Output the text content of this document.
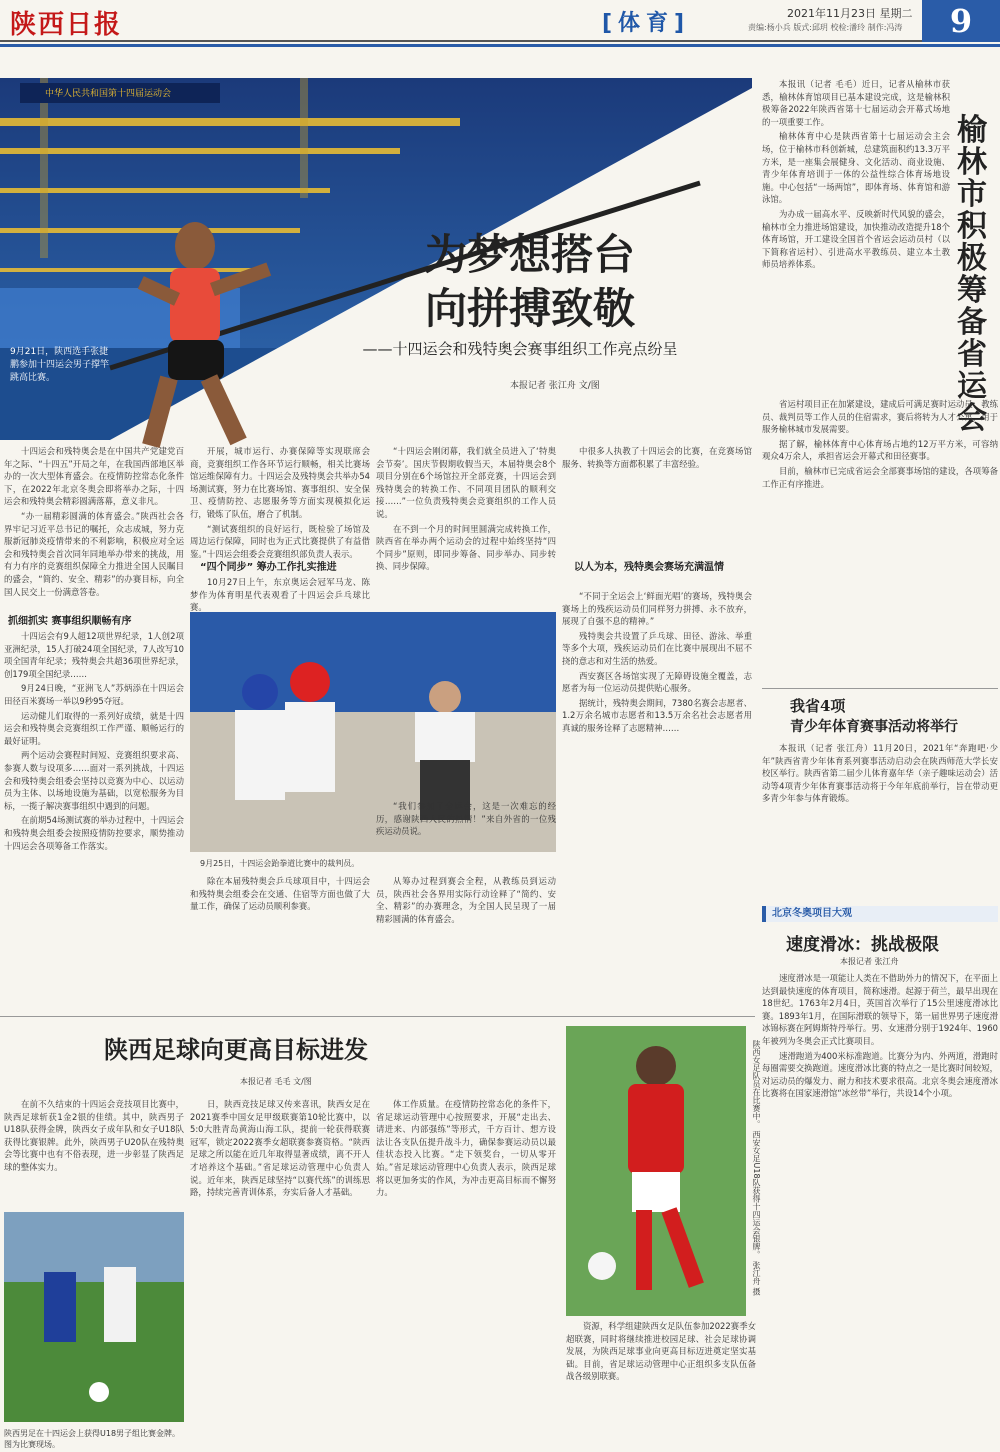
陕西日报	[体育]	2021年11月23日 星期二
责编:杨小兵 版式:邱玥 校检:潘玲 制作:冯涛	9
中华人民共和国第十四届运动会
为梦想搭台
向拼搏致敬
——十四运会和残特奥会赛事组织工作亮点纷呈
本报记者 张江舟 文/图
9月21日，陕西选手张捷鹏参加十四运会男子撑竿跳高比赛。
榆林市积极筹备省运会

本报讯（记者 毛毛）近日，记者从榆林市获悉，榆林体育馆项目已基本建设完成，这是榆林积极筹备2022年陕西省第十七届运动会开幕式场地的一项重要工作。

榆林体育中心是陕西省第十七届运动会主会场，位于榆林市科创新城，总建筑面积约13.3万平方米，是一座集会展健身、文化活动、商业设施、青少年体育培训于一体的公益性综合体育场地设施。中心包括“一场两馆”，即体育场、体育馆和游泳馆。

为办成一届高水平、反映新时代风貌的盛会，榆林市全力推进场馆建设，加快推动改造提升18个体育场馆，开工建设全国首个省运会运动员村（以下简称省运村）、引进高水平教练员、建立本土教师员培养体系。

省运村项目正在加紧建设，建成后可满足赛时运动员、教练员、裁判员等工作人员的住宿需求，赛后将转为人才公寓，用于服务榆林城市发展需要。

据了解，榆林体育中心体育场占地约12万平方米，可容纳观众4万余人，承担省运会开幕式和田径赛事。

目前，榆林市已完成省运会全部赛事场馆的建设，各项筹备工作正有序推进。

我省4项
青少年体育赛事活动将举行

本报讯（记者 张江舟）11月20日，2021年“奔跑吧·少年”陕西省青少年体育系列赛事活动启动会在陕西师范大学长安校区举行。陕西省第二届少儿体育嘉年华（亲子趣味运动会）活动等4项青少年体育赛事活动将于今年年底前举行，旨在带动更多青少年参与体育锻炼。

北京冬奥项目大观
速度滑冰：挑战极限
本报记者 张江舟

速度滑冰是一项能让人类在不借助外力的情况下，在平面上达到最快速度的体育项目，简称速滑。起源于荷兰，最早出现在18世纪。1763年2月4日，英国首次举行了15公里速度滑冰比赛。1893年1月，在国际滑联的领导下，第一届世界男子速度滑冰锦标赛在阿姆斯特丹举行。男、女速滑分别于1924年、1960年被列为冬奥会正式比赛项目。

速滑跑道为400米标准跑道。比赛分为内、外两道，滑跑时每圈需要交换跑道。速度滑冰比赛的特点之一是比赛时间较短，对运动员的爆发力、耐力和技术要求很高。北京冬奥会速度滑冰比赛将在国家速滑馆“冰丝带”举行，共设14个小项。

十四运会和残特奥会是在中国共产党建党百年之际、“十四五”开局之年，在我国西部地区举办的一次大型体育盛会。在疫情防控常态化条件下，在2022年北京冬奥会即将举办之际，十四运会和残特奥会精彩圆满落幕，意义非凡。

“办一届精彩圆满的体育盛会。”陕西社会各界牢记习近平总书记的嘱托，众志成城，努力克服新冠肺炎疫情带来的不利影响，积极应对全运会和残特奥会首次同年同地举办带来的挑战，用有力有序的竞赛组织保障全力推进全国人民瞩目的盛会，“简约、安全、精彩”的办赛目标，向全国人民交上一份满意答卷。

抓细抓实 赛事组织顺畅有序

十四运会有9人超12项世界纪录，1人创2项亚洲纪录，15人打破24项全国纪录，7人改写10项全国青年纪录；残特奥会共超36项世界纪录，创179项全国纪录……

9月24日晚，“亚洲飞人”苏炳添在十四运会田径百米赛场一举以9秒95夺冠。

运动健儿们取得的一系列好成绩，就是十四运会和残特奥会竞赛组织工作严谨、顺畅运行的最好证明。

两个运动会赛程时间短、竞赛组织要求高、参赛人数与设项多……面对一系列挑战，十四运会和残特奥会组委会坚持以竞赛为中心、以运动员为主体、以场地设施为基础，以宽松服务为目标，一揽子解决赛事组织中遇到的问题。

在前期54场测试赛的举办过程中，十四运会和残特奥会组委会按照疫情防控要求，顺势推动十四运会各项筹备工作落实。

开展，城市运行、办赛保障等实现联席会商，竞赛组织工作各环节运行顺畅，相关比赛场馆运维保障有力。十四运会及残特奥会共举办54场测试赛，努力在比赛场馆、赛事组织、安全保卫、疫情防控、志愿服务等方面实现模拟化运行，锻炼了队伍，磨合了机制。

“测试赛组织的良好运行，既检验了场馆及周边运行保障，同时也为正式比赛提供了有益借鉴。”十四运会组委会竞赛组织部负责人表示。

“四个同步” 筹办工作扎实推进

10月27日上午，东京奥运会冠军马龙、陈梦作为体育明星代表观看了十四运会乒乓球比赛。

“十四运会刚闭幕，我们就全员进入了‘特奥会节奏’。国庆节假期收假当天，本届特奥会8个项目分别在6个场馆拉开全部竞赛，十四运会到残特奥会的转换工作、不同项目团队的顺利交接……”一位负责残特奥会竞赛组织的工作人员说。

在不到一个月的时间里圆满完成转换工作，陕西省在举办两个运动会的过程中始终坚持“四个同步”原则，即同步筹备、同步举办、同步转换、同步保障。

中很多人执教了十四运会的比赛，在竞赛场馆服务、转换等方面都积累了丰富经验。

以人为本，残特奥会赛场充满温情

“不同于全运会上‘鲜面光唱’的赛场，残特奥会赛场上的残疾运动员们同样努力拼搏、永不放弃，展现了自强不息的精神。”

残特奥会共设置了乒乓球、田径、游泳、举重等多个大项，残疾运动员们在比赛中展现出不屈不挠的意志和对生活的热爱。

西安赛区各场馆实现了无障碍设施全覆盖，志愿者为每一位运动员提供贴心服务。

据统计，残特奥会期间，7380名赛会志愿者、1.2万余名城市志愿者和13.5万余名社会志愿者用真诚的服务诠释了志愿精神……

9月25日，十四运会跆拳道比赛中的裁判员。

除在本届残特奥会乒乓球项目中，十四运会和残特奥会组委会在交通、住宿等方面也做了大量工作，确保了运动员顺利参赛。

从筹办过程到赛会全程，从教练员到运动员，陕西社会各界用实际行动诠释了“简约、安全、精彩”的办赛理念，为全国人民呈现了一届精彩圆满的体育盛会。

“我们参加了全运会，这是一次难忘的经历，感谢陕西人民的热情！”来自外省的一位残疾运动员说。

陕西足球向更高目标进发
本报记者 毛毛 文/图

在前不久结束的十四运会竞技项目比赛中，陕西足球斩获1金2银的佳绩。其中，陕西男子U18队获得金牌，陕西女子成年队和女子U18队获得比赛银牌。此外，陕西男子U20队在残特奥会等比赛中也有不俗表现，进一步彰显了陕西足球的整体实力。

陕西男足在十四运会上获得U18男子组比赛金牌。 图为比赛现场。

日，陕西竞技足球又传来喜讯，陕西女足在2021赛季中国女足甲级联赛第10轮比赛中，以5:0大胜青岛黄海山海工队，提前一轮获得联赛冠军，锁定2022赛季女超联赛参赛资格。“陕西足球之所以能在近几年取得显著成绩，离不开人才培养这个基础。”省足球运动管理中心负责人说。近年来，陕西足球坚持“以赛代练”的训练思路，持续完善青训体系，夯实后备人才基础。

体工作质量。在疫情防控常态化的条件下，省足球运动管理中心按照要求，开展“走出去、请进来、内部强练”等形式，千方百计、想方设法让各支队伍提升战斗力，确保参赛运动员以最佳状态投入比赛。“走下领奖台，一切从零开始。”省足球运动管理中心负责人表示，陕西足球将以更加务实的作风，为冲击更高目标而不懈努力。	陕西女足队员在比赛中。 西安女足U18队获得十四运会银牌。 张江舟 摄

资源，科学组建陕西女足队伍参加2022赛季女超联赛，同时将继续推进校园足球、社会足球协调发展，为陕西足球事业向更高目标迈进奠定坚实基础。目前，省足球运动管理中心正组织多支队伍备战各级别联赛。
